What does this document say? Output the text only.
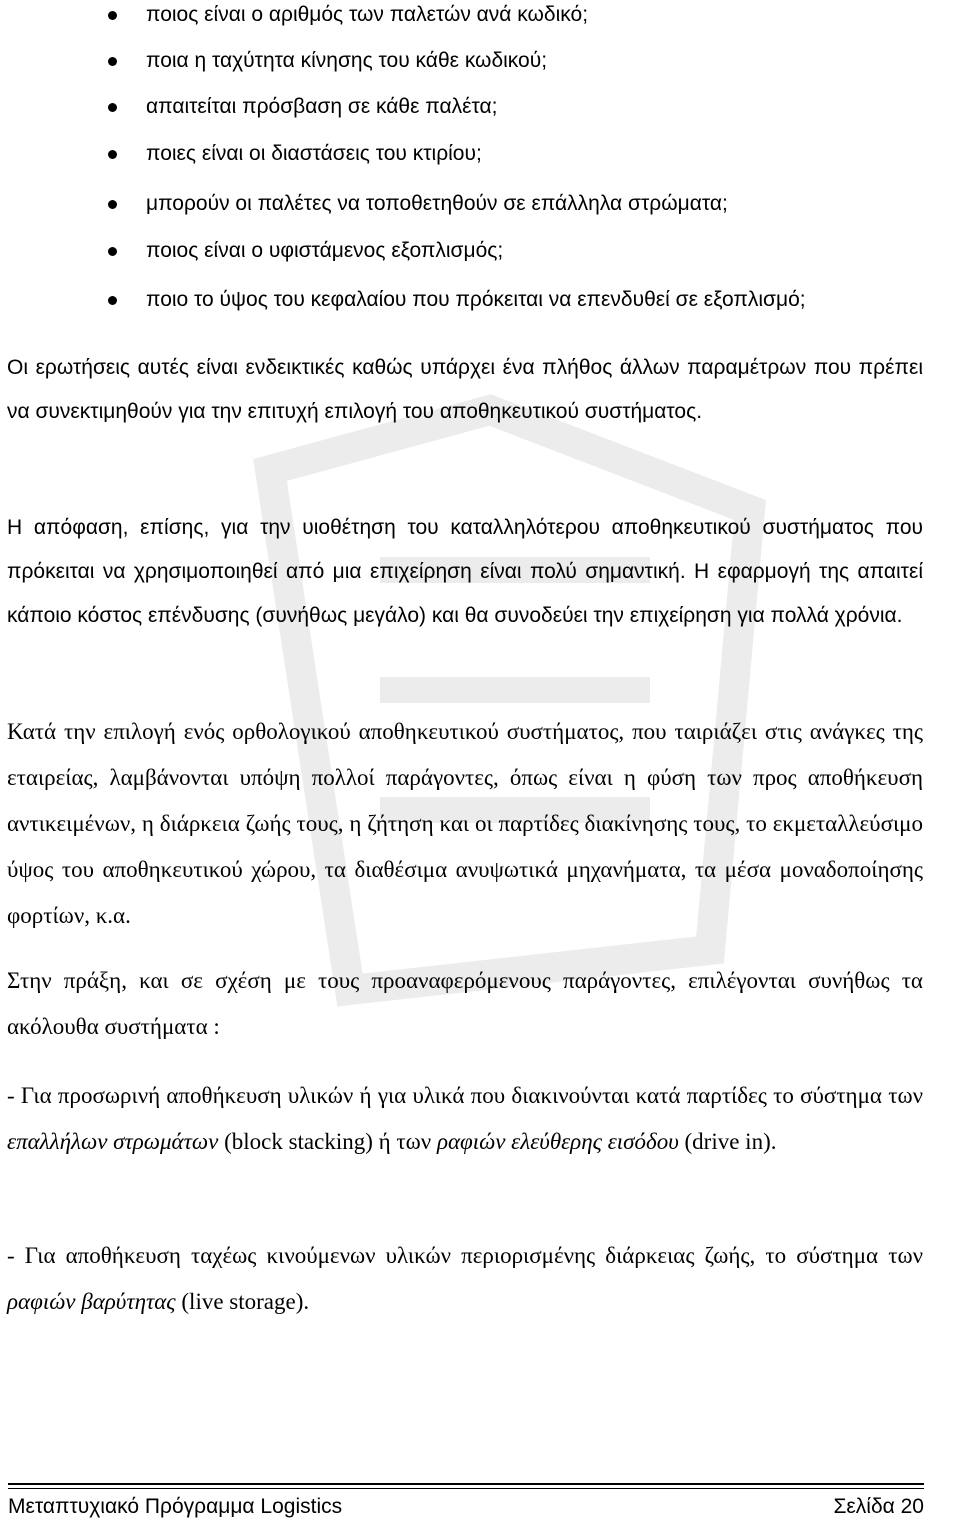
ποιος είναι ο αριθμός των παλετών ανά κωδικό;
ποια η ταχύτητα κίνησης του κάθε κωδικού;
απαιτείται πρόσβαση σε κάθε παλέτα;
ποιες είναι οι διαστάσεις του κτιρίου;
μπορούν οι παλέτες να τοποθετηθούν σε επάλληλα στρώματα;
ποιος είναι ο υφιστάμενος εξοπλισμός;
ποιο το ύψος του κεφαλαίου που πρόκειται να επενδυθεί σε εξοπλισμό;

Οι ερωτήσεις αυτές είναι ενδεικτικές καθώς υπάρχει ένα πλήθος άλλων παραμέτρων που πρέπει να συνεκτιμηθούν για την επιτυχή επιλογή του αποθηκευτικού συστήματος.

Η απόφαση, επίσης, για την υιοθέτηση του καταλληλότερου αποθηκευτικού συστήματος που πρόκειται να χρησιμοποιηθεί από μια επιχείρηση είναι πολύ σημαντική. Η εφαρμογή της απαιτεί κάποιο κόστος επένδυσης (συνήθως μεγάλο) και θα συνοδεύει την επιχείρηση για πολλά χρόνια.

Κατά την επιλογή ενός ορθολογικού αποθηκευτικού συστήματος, που ταιριάζει στις ανάγκες της εταιρείας, λαμβάνονται υπόψη πολλοί παράγοντες, όπως είναι η φύση των προς αποθήκευση αντικειμένων, η διάρκεια ζωής τους, η ζήτηση και οι παρτίδες διακίνησης τους, το εκμεταλλεύσιμο ύψος του αποθηκευτικού χώρου, τα διαθέσιμα ανυψωτικά μηχανήματα, τα μέσα μοναδοποίησης φορτίων, κ.α.

Στην πράξη, και σε σχέση με τους προαναφερόμενους παράγοντες, επιλέγονται συνήθως τα ακόλουθα συστήματα :

- Για προσωρινή αποθήκευση υλικών ή για υλικά που διακινούνται κατά παρτίδες το σύστημα των επαλλήλων στρωμάτων (block stacking) ή των ραφιών ελεύθερης εισόδου (drive in).

- Για αποθήκευση ταχέως κινούμενων υλικών περιορισμένης διάρκειας ζωής, το σύστημα των ραφιών βαρύτητας (live storage).

Μεταπτυχιακό Πρόγραμμα Logistics	Σελίδα 20
